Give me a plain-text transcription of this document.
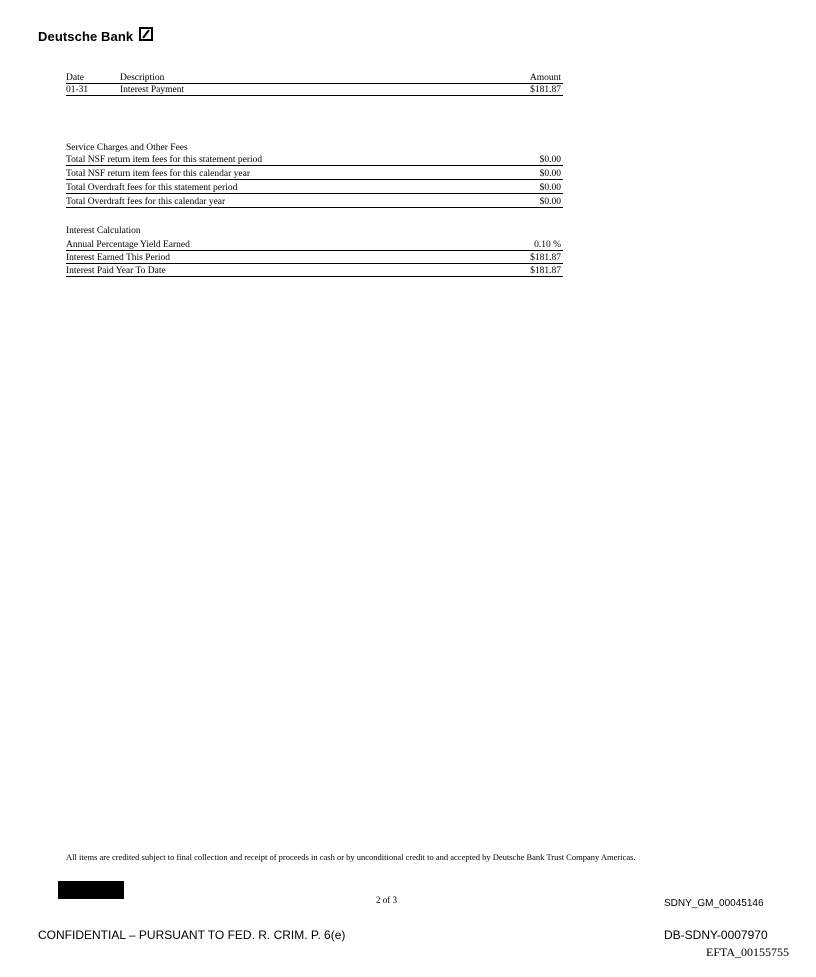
Deutsche Bank
Date	Description	Amount
01-31	Interest Payment	$181.87
Service Charges and Other Fees
Total NSF return item fees for this statement period	$0.00
Total NSF return item fees for this calendar year	$0.00
Total Overdraft fees for this statement period	$0.00
Total Overdraft fees for this calendar year	$0.00
Interest Calculation
Annual Percentage Yield Earned	0.10 %
Interest Earned This Period	$181.87
Interest Paid Year To Date	$181.87
All items are credited subject to final collection and receipt of proceeds in cash or by unconditional credit to and accepted by Deutsche Bank Trust Company Americas.
2 of 3	SDNY_GM_00045146
CONFIDENTIAL – PURSUANT TO FED. R. CRIM. P. 6(e)	DB-SDNY-0007970
EFTA_00155755
